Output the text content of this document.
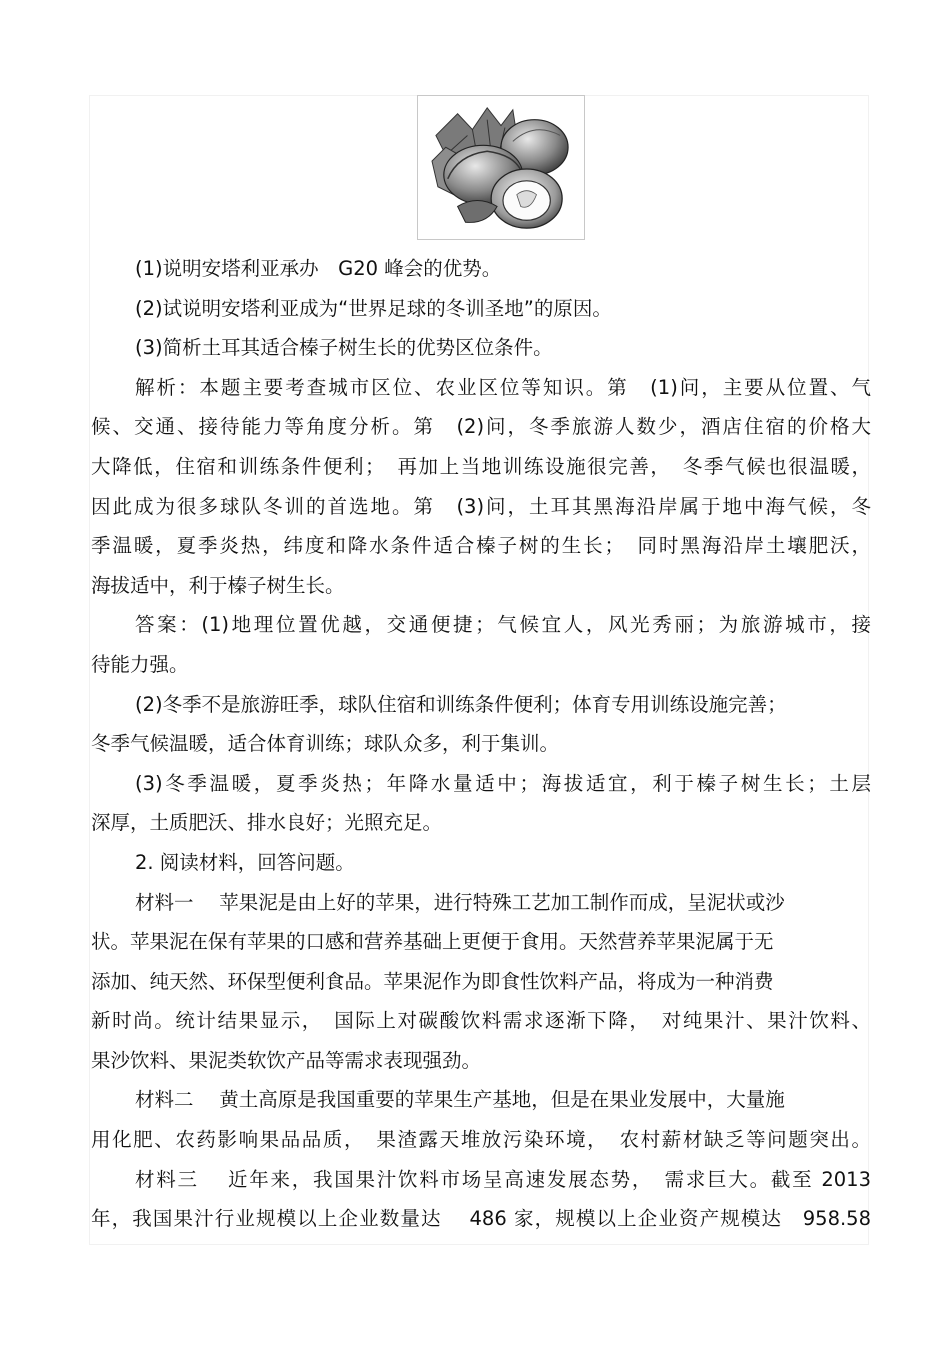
(1)说明安塔利亚承办　G20 峰会的优势。
(2)试说明安塔利亚成为“世界足球的冬训圣地”的原因。
(3)简析土耳其适合榛子树生长的优势区位条件。
解析：本题主要考查城市区位、农业区位等知识。第　(1)问，主要从位置、气
候、交通、接待能力等角度分析。第　(2)问，冬季旅游人数少，酒店住宿的价格大
大降低，住宿和训练条件便利；　再加上当地训练设施很完善，　冬季气候也很温暖，
因此成为很多球队冬训的首选地。第　(3)问，土耳其黑海沿岸属于地中海气候，冬
季温暖，夏季炎热，纬度和降水条件适合榛子树的生长；　同时黑海沿岸土壤肥沃，
海拔适中，利于榛子树生长。
答案：(1)地理位置优越，交通便捷；气候宜人，风光秀丽；为旅游城市，接
待能力强。
(2)冬季不是旅游旺季，球队住宿和训练条件便利；体育专用训练设施完善；
冬季气候温暖，适合体育训练；球队众多，利于集训。
(3)冬季温暖，夏季炎热；年降水量适中；海拔适宜，利于榛子树生长；土层
深厚，土质肥沃、排水良好；光照充足。
2. 阅读材料，回答问题。
材料一　 苹果泥是由上好的苹果，进行特殊工艺加工制作而成，呈泥状或沙
状。苹果泥在保有苹果的口感和营养基础上更便于食用。天然营养苹果泥属于无
添加、纯天然、环保型便利食品。苹果泥作为即食性饮料产品，将成为一种消费
新时尚。统计结果显示，　国际上对碳酸饮料需求逐渐下降，　对纯果汁、果汁饮料、
果沙饮料、果泥类软饮产品等需求表现强劲。
材料二　 黄土高原是我国重要的苹果生产基地，但是在果业发展中，大量施
用化肥、农药影响果品品质，　果渣露天堆放污染环境，　农村薪材缺乏等问题突出。
材料三　 近年来，我国果汁饮料市场呈高速发展态势，　需求巨大。截至 2013
年，我国果汁行业规模以上企业数量达　 486 家，规模以上企业资产规模达　958.58
